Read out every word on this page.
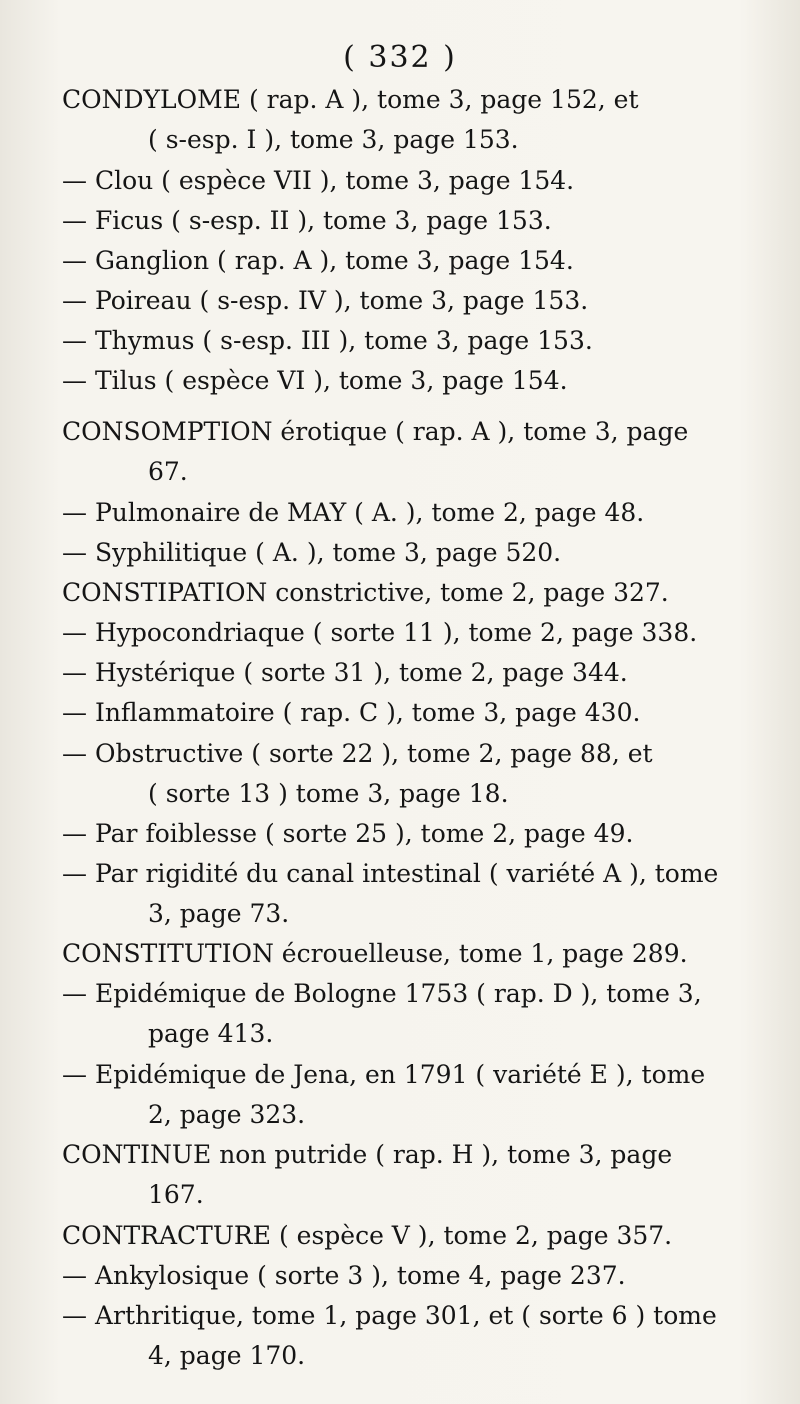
( 332 )
CONDYLOME ( rap. A ), tome 3, page 152, et
( s-esp. I ), tome 3, page 153.
— Clou ( espèce VII ), tome 3, page 154.
— Ficus ( s-esp. II ), tome 3, page 153.
— Ganglion ( rap. A ), tome 3, page 154.
— Poireau ( s-esp. IV ), tome 3, page 153.
— Thymus ( s-esp. III ), tome 3, page 153.
— Tilus ( espèce VI ), tome 3, page 154.
CONSOMPTION érotique ( rap. A ), tome 3, page
67.
— Pulmonaire de MAY ( A. ), tome 2, page 48.
— Syphilitique ( A. ), tome 3, page 520.
CONSTIPATION constrictive, tome 2, page 327.
— Hypocondriaque ( sorte 11 ), tome 2, page 338.
— Hystérique ( sorte 31 ), tome 2, page 344.
— Inflammatoire ( rap. C ), tome 3, page 430.
— Obstructive ( sorte 22 ), tome 2, page 88, et
( sorte 13 ) tome 3, page 18.
— Par foiblesse ( sorte 25 ), tome 2, page 49.
— Par rigidité du canal intestinal ( variété A ), tome
3, page 73.
CONSTITUTION écrouelleuse, tome 1, page 289.
— Epidémique de Bologne 1753 ( rap. D ), tome 3,
page 413.
— Epidémique de Jena, en 1791 ( variété E ), tome
2, page 323.
CONTINUE non putride ( rap. H ), tome 3, page
167.
CONTRACTURE ( espèce V ), tome 2, page 357.
— Ankylosique ( sorte 3 ), tome 4, page 237.
— Arthritique, tome 1, page 301, et ( sorte 6 ) tome
4, page 170.
